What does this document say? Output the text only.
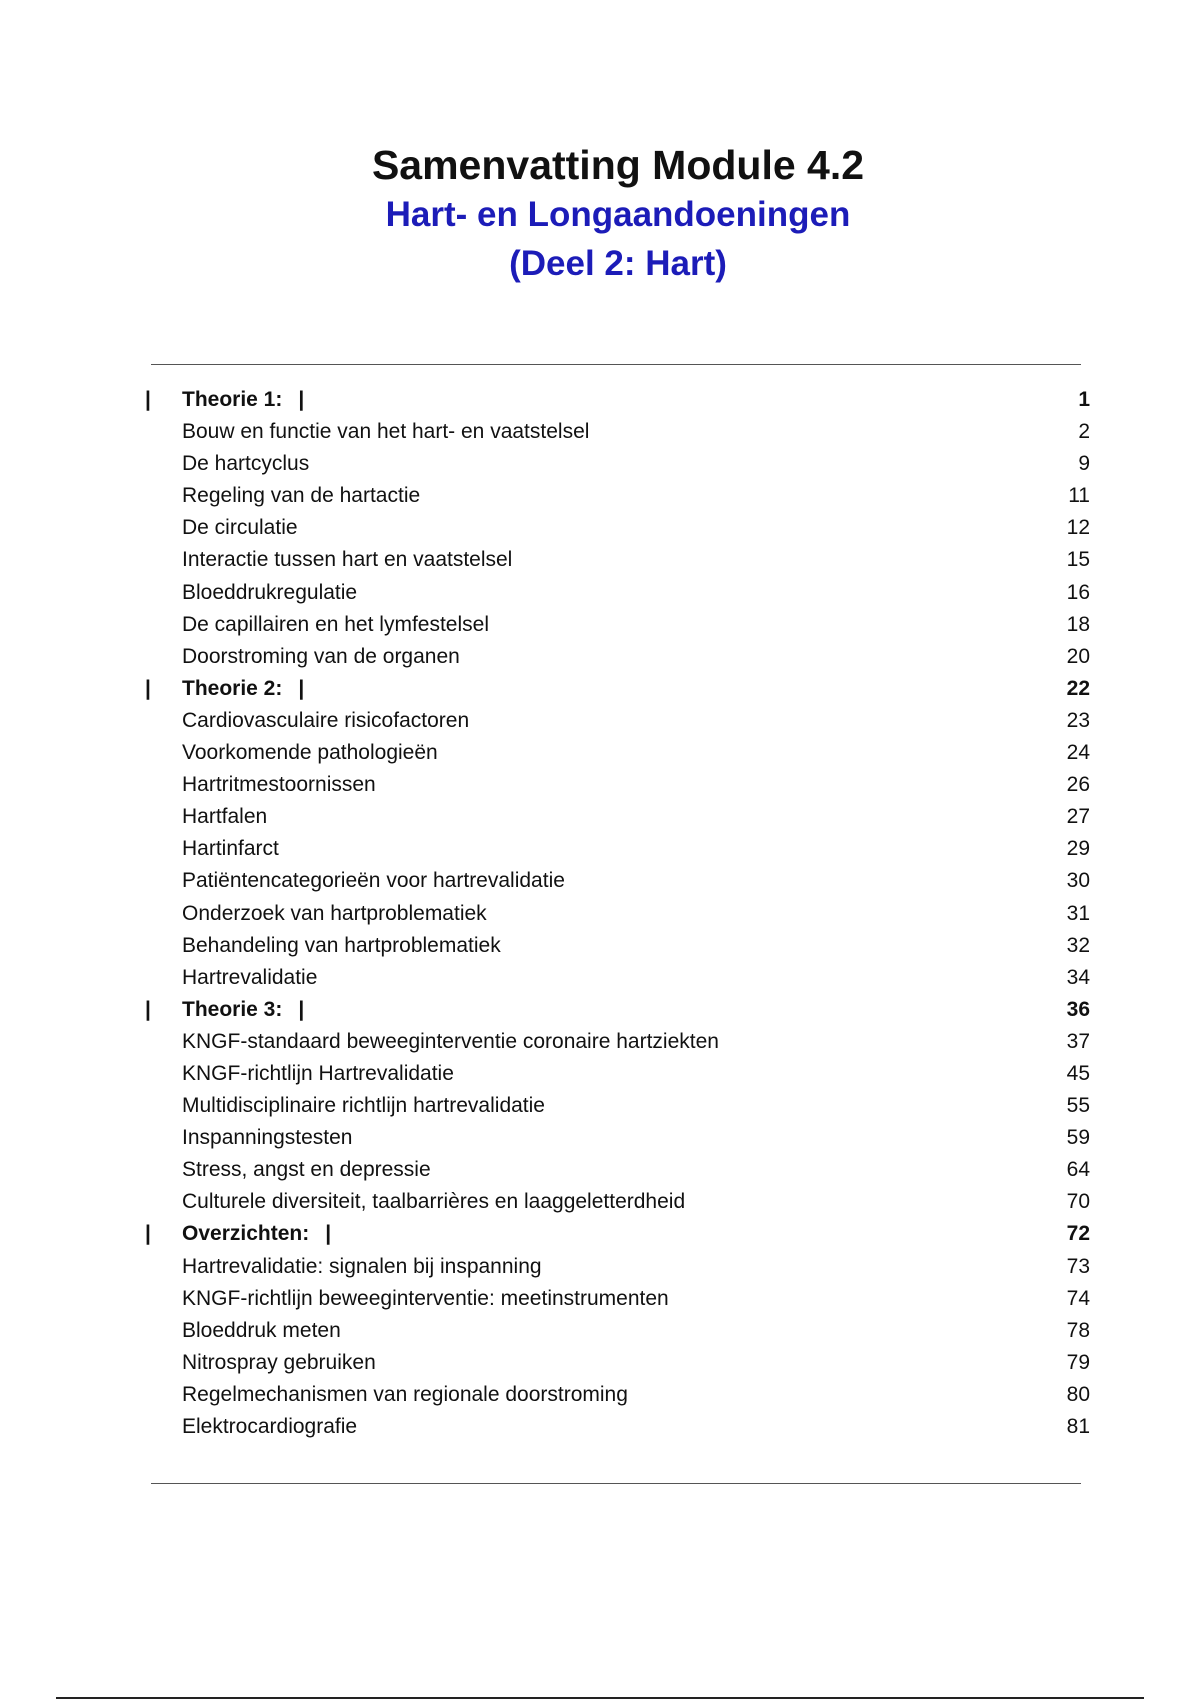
Samenvatting Module 4.2
Hart- en Longaandoeningen
(Deel 2: Hart)
| Theorie 1: |	1
Bouw en functie van het hart- en vaatstelsel	2
De hartcyclus	9
Regeling van de hartactie	11
De circulatie	12
Interactie tussen hart en vaatstelsel	15
Bloeddrukregulatie	16
De capillairen en het lymfestelsel	18
Doorstroming van de organen	20
| Theorie 2: |	22
Cardiovasculaire risicofactoren	23
Voorkomende pathologieën	24
Hartritmestoornissen	26
Hartfalen	27
Hartinfarct	29
Patiëntencategorieën voor hartrevalidatie	30
Onderzoek van hartproblematiek	31
Behandeling van hartproblematiek	32
Hartrevalidatie	34
| Theorie 3: |	36
KNGF-standaard beweeginterventie coronaire hartziekten	37
KNGF-richtlijn Hartrevalidatie	45
Multidisciplinaire richtlijn hartrevalidatie	55
Inspanningstesten	59
Stress, angst en depressie	64
Culturele diversiteit, taalbarrières en laaggeletterdheid	70
| Overzichten: |	72
Hartrevalidatie: signalen bij inspanning	73
KNGF-richtlijn beweeginterventie: meetinstrumenten	74
Bloeddruk meten	78
Nitrospray gebruiken	79
Regelmechanismen van regionale doorstroming	80
Elektrocardiografie	81
